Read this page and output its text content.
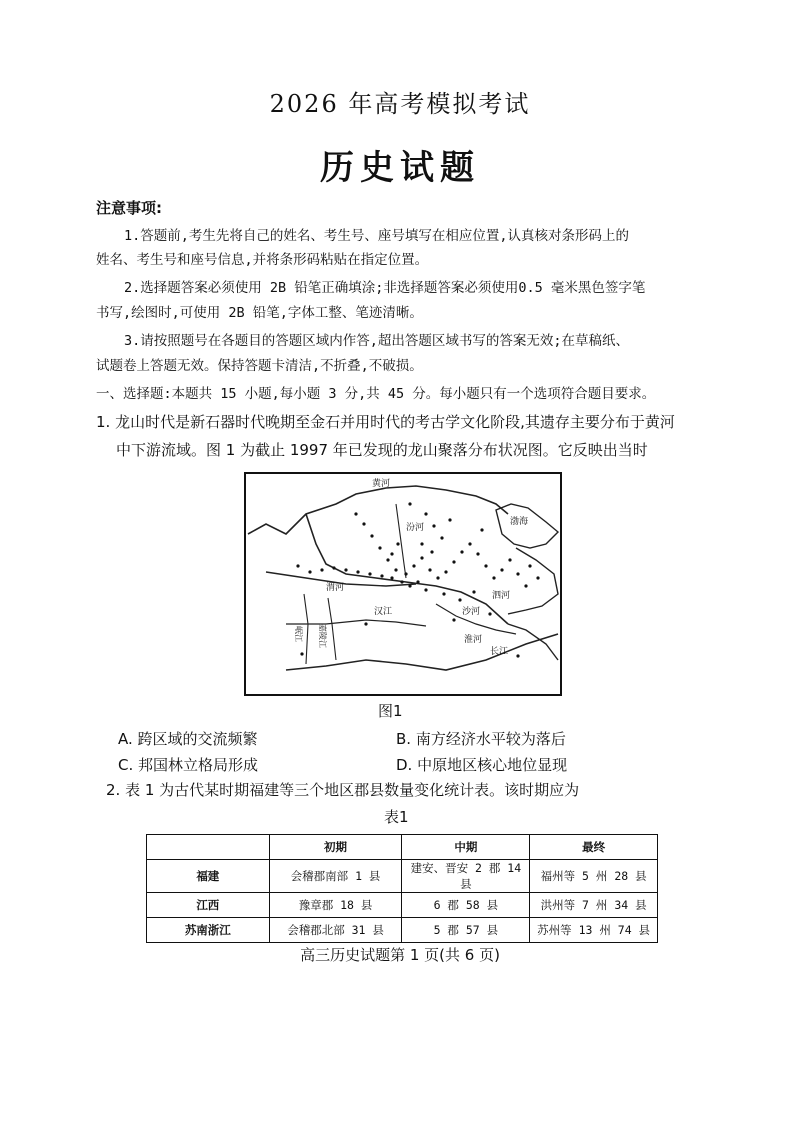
2026 年高考模拟考试
历史试题
注意事项:
1.答题前,考生先将自己的姓名、考生号、座号填写在相应位置,认真核对条形码上的
姓名、考生号和座号信息,并将条形码粘贴在指定位置。
2.选择题答案必须使用 2B 铅笔正确填涂;非选择题答案必须使用0.5 毫米黑色签字笔
书写,绘图时,可使用 2B 铅笔,字体工整、笔迹清晰。
3.请按照题号在各题目的答题区域内作答,超出答题区域书写的答案无效;在草稿纸、
试题卷上答题无效。保持答题卡清洁,不折叠,不破损。
一、选择题:本题共 15 小题,每小题 3 分,共 45 分。每小题只有一个选项符合题目要求。
1. 龙山时代是新石器时代晚期至金石并用时代的考古学文化阶段,其遗存主要分布于黄河
中下游流域。图 1 为截止 1997 年已发现的龙山聚落分布状况图。它反映出当时
黄河
渤海
渭河
汉江
淮河
长江
汾河
沙河
泗河
岷江 嘉陵江
图1
A. 跨区域的交流频繁	B. 南方经济水平较为落后
C. 邦国林立格局形成	D. 中原地区核心地位显现
2. 表 1 为古代某时期福建等三个地区郡县数量变化统计表。该时期应为
表1
	初期	中期	最终
福建	会稽郡南部 1 县	建安、晋安 2 郡 14 县	福州等 5 州 28 县
江西	豫章郡 18 县	6 郡 58 县	洪州等 7 州 34 县
苏南浙江	会稽郡北部 31 县	5 郡 57 县	苏州等 13 州 74 县
高三历史试题第 1 页(共 6 页)
